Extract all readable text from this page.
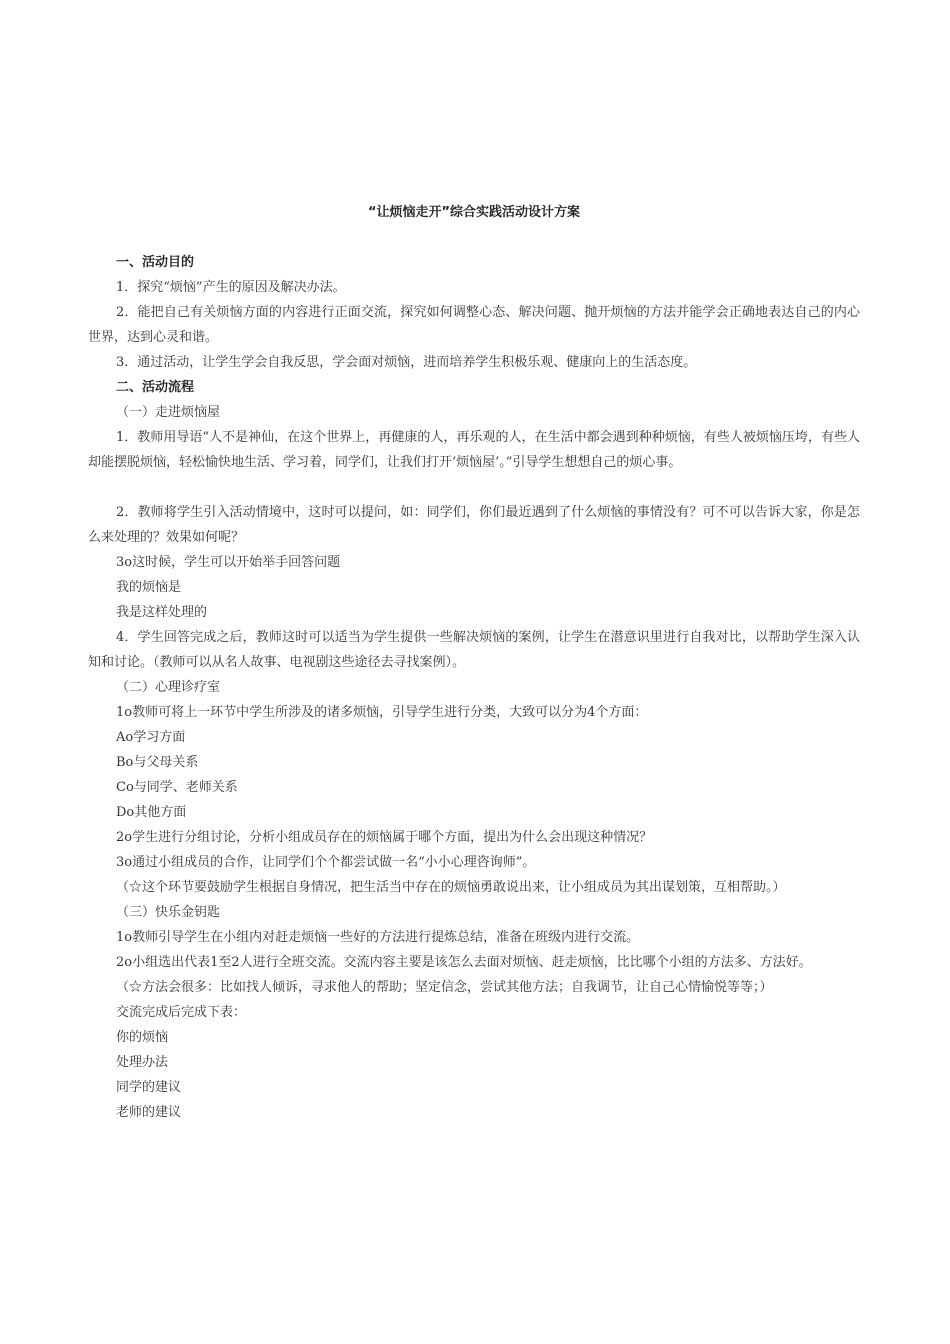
“让烦恼走开”综合实践活动设计方案

一、活动目的

1．探究“烦恼”产生的原因及解决办法。

2．能把自己有关烦恼方面的内容进行正面交流，探究如何调整心态、解决问题、抛开烦恼的方法并能学会正确地表达自己的内心世界，达到心灵和谐。

3．通过活动，让学生学会自我反思，学会面对烦恼，进而培养学生积极乐观、健康向上的生活态度。

二、活动流程

（一）走进烦恼屋

1．教师用导语“人不是神仙，在这个世界上，再健康的人，再乐观的人，在生活中都会遇到种种烦恼，有些人被烦恼压垮，有些人却能摆脱烦恼，轻松愉快地生活、学习着，同学们，让我们打开‘烦恼屋’。”引导学生想想自己的烦心事。

2．教师将学生引入活动情境中，这时可以提问，如：同学们，你们最近遇到了什么烦恼的事情没有？可不可以告诉大家，你是怎么来处理的？效果如何呢？

3o这时候，学生可以开始举手回答问题

我的烦恼是

我是这样处理的

4．学生回答完成之后，教师这时可以适当为学生提供一些解决烦恼的案例，让学生在潜意识里进行自我对比，以帮助学生深入认知和讨论。（教师可以从名人故事、电视剧这些途径去寻找案例）。

（二）心理诊疗室

1o教师可将上一环节中学生所涉及的诸多烦恼，引导学生进行分类，大致可以分为4个方面：

Ao学习方面

Bo与父母关系

Co与同学、老师关系

Do其他方面

2o学生进行分组讨论，分析小组成员存在的烦恼属于哪个方面，提出为什么会出现这种情况？

3o通过小组成员的合作，让同学们个个都尝试做一名“小小心理咨询师”。

（☆这个环节要鼓励学生根据自身情况，把生活当中存在的烦恼勇敢说出来，让小组成员为其出谋划策，互相帮助。）

（三）快乐金钥匙

1o教师引导学生在小组内对赶走烦恼一些好的方法进行提炼总结，准备在班级内进行交流。

2o小组选出代表1至2人进行全班交流。交流内容主要是该怎么去面对烦恼、赶走烦恼，比比哪个小组的方法多、方法好。

（☆方法会很多：比如找人倾诉，寻求他人的帮助；坚定信念，尝试其他方法；自我调节，让自己心情愉悦等等；）

交流完成后完成下表：

你的烦恼

处理办法

同学的建议

老师的建议
